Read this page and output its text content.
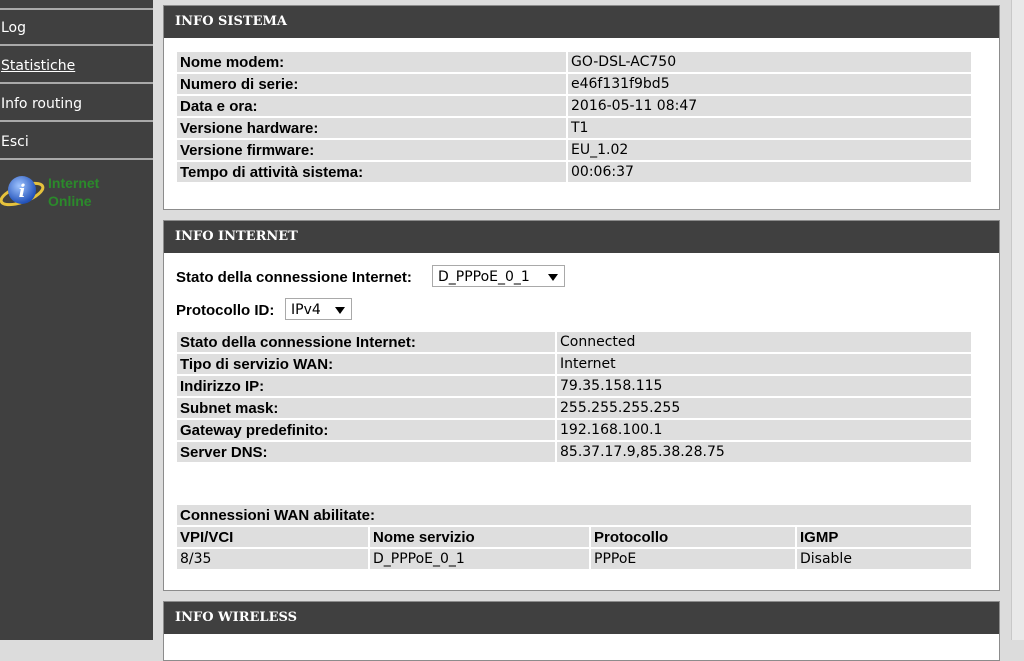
Log
Statistiche
Info routing
Esci
i Internet
Online
INFO SISTEMA
Nome modem:	GO-DSL-AC750
Numero di serie:	e46f131f9bd5
Data e ora:	2016-05-11 08:47
Versione hardware:	T1
Versione firmware:	EU_1.02
Tempo di attività sistema:	00:06:37
INFO INTERNET
Stato della connessione Internet:	D_PPPoE_0_1
Protocollo ID:	IPv4
Stato della connessione Internet:	Connected
Tipo di servizio WAN:	Internet
Indirizzo IP:	79.35.158.115
Subnet mask:	255.255.255.255
Gateway predefinito:	192.168.100.1
Server DNS:	85.37.17.9,85.38.28.75
Connessioni WAN abilitate:			
VPI/VCI	Nome servizio	Protocollo	IGMP
8/35	D_PPPoE_0_1	PPPoE	Disable
INFO WIRELESS
